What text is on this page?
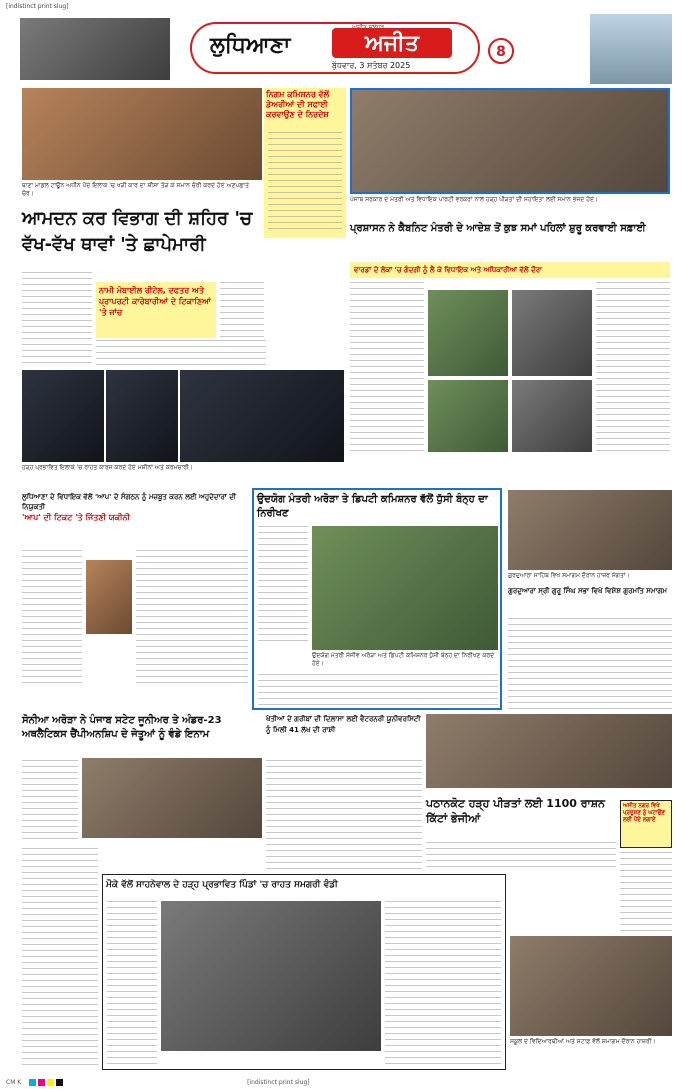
[indistinct print slug]
ਲੁਧਿਆਣਾ	ਅਜੀਤ
ਬੁੱਧਵਾਰ, 3 ਸਤੰਬਰ 2025
8
ਥਾਣਾ ਮਾਡਲ ਟਾਊਨ ਅਧੀਨ ਪੈਂਦੇ ਇਲਾਕੇ 'ਚ ਖੜੀ ਕਾਰ ਦਾ ਸ਼ੀਸ਼ਾ ਤੋੜ ਕੇ ਸਮਾਨ ਚੋਰੀ ਕਰਦੇ ਹੋਏ ਅਣਪਛਾਤੇ ਚੋਰ।
ਨਿਗਮ ਕਮਿਸ਼ਨਰ ਵੱਲੋਂ ਡੇਅਰੀਆਂ ਦੀ ਸਫਾਈ ਕਰਵਾਉਣ ਦੇ ਨਿਰਦੇਸ਼
ਪੰਜਾਬ ਸਰਕਾਰ ਦੇ ਮੰਤਰੀ ਅਤੇ ਵਿਧਾਇਕ ਪਾਰਟੀ ਵਰਕਰਾਂ ਨਾਲ ਹੜ੍ਹ ਪੀੜਤਾਂ ਦੀ ਸਹਾਇਤਾ ਲਈ ਸਮਾਨ ਭੇਜਦੇ ਹੋਏ।
ਆਮਦਨ ਕਰ ਵਿਭਾਗ ਦੀ ਸ਼ਹਿਰ 'ਚ ਵੱਖ-ਵੱਖ ਥਾਵਾਂ 'ਤੇ ਛਾਪੇਮਾਰੀ
ਨਾਮੀ ਮੋਬਾਈਲ ਰੀਟੇਲ, ਦਫਤਰ ਅਤੇ ਪ੍ਰਾਪਰਟੀ ਕਾਰੋਬਾਰੀਆਂ ਦੇ ਟਿਕਾਣਿਆਂ 'ਤੇ ਜਾਂਚ
ਪ੍ਰਸ਼ਾਸਨ ਨੇ ਕੈਬਨਿਟ ਮੰਤਰੀ ਦੇ ਆਦੇਸ਼ ਤੋਂ ਕੁਝ ਸਮਾਂ ਪਹਿਲਾਂ ਸ਼ੁਰੂ ਕਰਵਾਈ ਸਫ਼ਾਈ
ਵਾਰਡਾਂ ਦੇ ਲੋਕਾਂ 'ਚ ਗੰਦਗੀ ਨੂੰ ਲੈ ਕੇ ਵਿਧਾਇਕ ਅਤੇ ਅਧਿਕਾਰੀਆਂ ਵੱਲੋਂ ਦੌਰਾ
ਹੜ੍ਹ ਪ੍ਰਭਾਵਿਤ ਇਲਾਕੇ 'ਚ ਰਾਹਤ ਕਾਰਜ ਕਰਦੇ ਹੋਏ ਮਸ਼ੀਨਾਂ ਅਤੇ ਕਰਮਚਾਰੀ।
ਲੁਧਿਆਣਾ ਦੇ ਵਿਧਾਇਕ ਵੱਲੋਂ 'ਆਪ' ਦੇ ਸੰਗਠਨ ਨੂੰ ਮਜ਼ਬੂਤ ਕਰਨ ਲਈ ਅਹੁਦੇਦਾਰਾਂ ਦੀ ਨਿਯੁਕਤੀ
'ਆਪ' ਦੀ ਟਿਕਟ 'ਤੇ ਜਿੱਤਣੀ ਯਕੀਨੀ
ਉਦਯੋਗ ਮੰਤਰੀ ਅਰੋੜਾ ਤੇ ਡਿਪਟੀ ਕਮਿਸ਼ਨਰ ਵੱਲੋਂ ਧੁੱਸੀ ਬੰਨ੍ਹ ਦਾ ਨਿਰੀਖਣ
ਉਦਯੋਗ ਮੰਤਰੀ ਸੰਜੀਵ ਅਰੋੜਾ ਅਤੇ ਡਿਪਟੀ ਕਮਿਸ਼ਨਰ ਧੁੱਸੀ ਬੰਨ੍ਹ ਦਾ ਨਿਰੀਖਣ ਕਰਦੇ ਹੋਏ।
ਗੁਰਦੁਆਰਾ ਸਾਹਿਬ ਵਿਖੇ ਸਮਾਗਮ ਦੌਰਾਨ ਹਾਜ਼ਰ ਸੰਗਤਾਂ।
ਗੁਰਦੁਆਰਾ ਸ੍ਰੀ ਗੁਰੂ ਸਿੰਘ ਸਭਾ ਵਿਖੇ ਵਿਸ਼ੇਸ਼ ਗੁਰਮਤਿ ਸਮਾਗਮ
ਸੋਨੀਆ ਅਰੋੜਾ ਨੇ ਪੰਜਾਬ ਸਟੇਟ ਜੂਨੀਅਰ ਤੇ ਅੰਡਰ-23 ਅਥਲੈਟਿਕਸ ਚੈਂਪੀਅਨਸ਼ਿਪ ਦੇ ਜੇਤੂਆਂ ਨੂੰ ਵੰਡੇ ਇਨਾਮ
ਖੇਤੀਆਂ ਦੇ ਗਰੀਬਾਂ ਦੀ ਦਿਲ਼ਾਸਾ ਲਈ ਵੈਟਰਨਰੀ ਯੂਨੀਵਰਸਿਟੀ ਨੂੰ ਮਿਲੀ 41 ਲੱਖ ਦੀ ਰਾਸ਼ੀ
ਪਠਾਨਕੋਟ ਹੜ੍ਹ ਪੀੜਤਾਂ ਲਈ 1100 ਰਾਸ਼ਨ ਕਿੱਟਾਂ ਭੇਜੀਆਂ
ਅਜੀਤ ਨਗਰ ਵਿਖੇ ਪ੍ਰਦੂਸ਼ਣ ਨੂੰ ਘਟਾਉਣ ਲਈ ਪੌਦੇ ਲਗਾਏ
ਮੌਕੇ ਵੱਲੋਂ ਸਾਹਨੇਵਾਲ ਦੇ ਹੜ੍ਹ ਪ੍ਰਭਾਵਿਤ ਪਿੰਡਾਂ 'ਚ ਰਾਹਤ ਸਮਗਰੀ ਵੰਡੀ
ਸਕੂਲ ਦੇ ਵਿਦਿਆਰਥੀਆਂ ਅਤੇ ਸਟਾਫ਼ ਵੱਲੋਂ ਸਮਾਗਮ ਦੌਰਾਨ ਹਾਜ਼ਰੀ।
CM K	[indistinct print slug]
